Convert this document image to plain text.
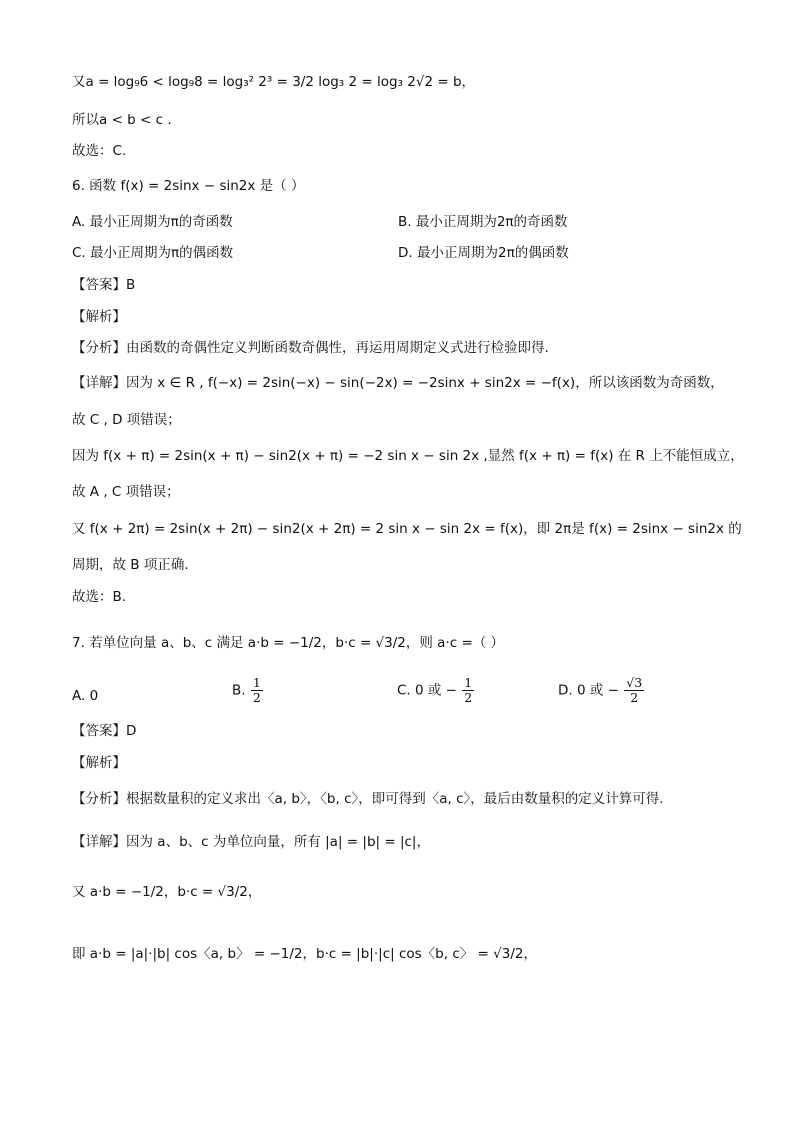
又a = log₉6 < log₉8 = log₃² 2³ = 3/2 log₃ 2 = log₃ 2√2 = b，
所以a < b < c .
故选：C.
6. 函数 f(x) = 2sinx − sin2x 是（ ）
A. 最小正周期为π的奇函数	B. 最小正周期为2π的奇函数
C. 最小正周期为π的偶函数	D. 最小正周期为2π的偶函数
【答案】B
【解析】
【分析】由函数的奇偶性定义判断函数奇偶性，再运用周期定义式进行检验即得.
【详解】因为 x ∈ R , f(−x) = 2sin(−x) − sin(−2x) = −2sinx + sin2x = −f(x)，所以该函数为奇函数，
故 C , D 项错误；
因为 f(x + π) = 2sin(x + π) − sin2(x + π) = −2 sin x − sin 2x ,显然 f(x + π) = f(x) 在 R 上不能恒成立，
故 A , C 项错误；
又 f(x + 2π) = 2sin(x + 2π) − sin2(x + 2π) = 2 sin x − sin 2x = f(x)，即 2π是 f(x) = 2sinx − sin2x 的
周期，故 B 项正确.
故选：B.
7. 若单位向量 a、b、c 满足 a·b = −1/2，b·c = √3/2，则 a·c =（ ）
A. 0	B. $\frac{1}{2}$	C. 0 或 − $\frac{1}{2}$	D. 0 或 − $\frac{√3}{2}$
【答案】D
【解析】
【分析】根据数量积的定义求出〈a, b〉，〈b, c〉，即可得到〈a, c〉，最后由数量积的定义计算可得.
【详解】因为 a、b、c 为单位向量，所有 |a| = |b| = |c|，
又 a·b = −1/2，b·c = √3/2，
即 a·b = |a|·|b| cos〈a, b〉 = −1/2，b·c = |b|·|c| cos〈b, c〉 = √3/2，
